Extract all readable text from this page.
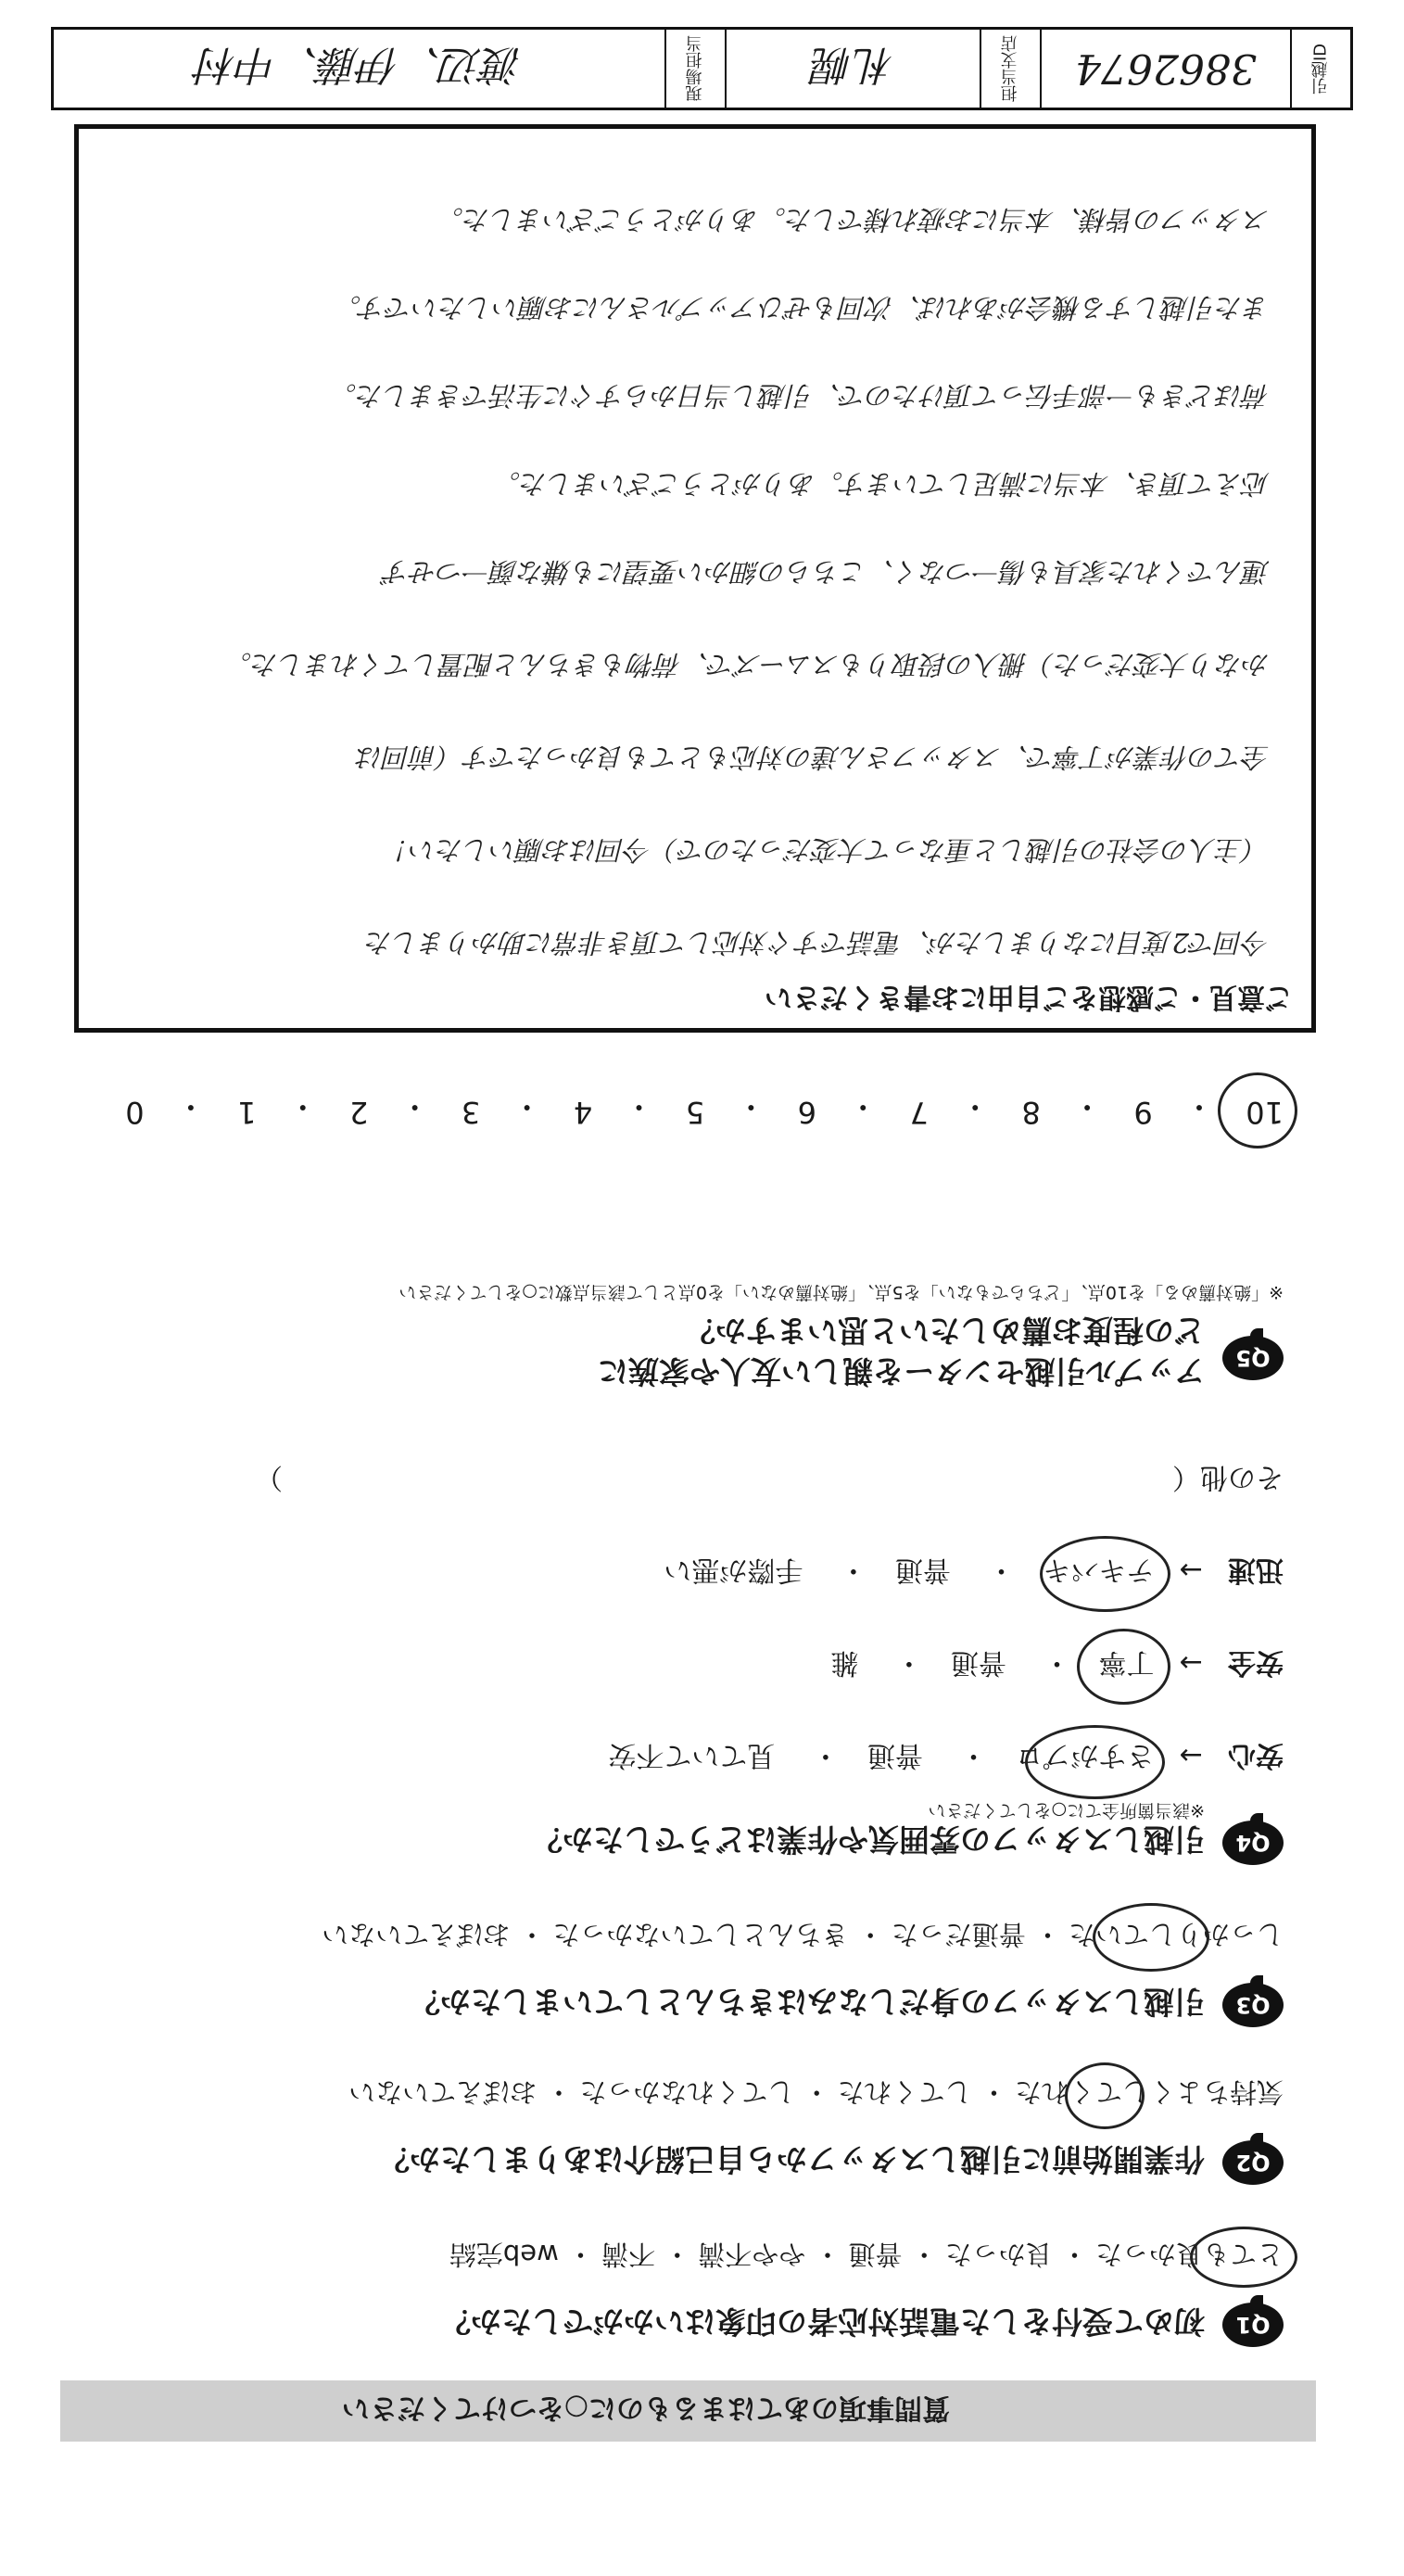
質問事項のあてはまるものに○をつけてください
Q1
初めて受付をした電話対応者の印象はいかがでしたか？
とても良かった・ 良かった・ 普通・ やや不満・ 不満・ web完結
Q2
作業開始前に引越しスタッフから自己紹介はありましたか？
気持ちよくしてくれた・ してくれた・ してくれなかった・ おぼえていない
Q3
引越しスタッフの身だしなみはきちんとしていましたか？
しっかりしていた・ 普通だった・ きちんとしていなかった・ おぼえていない
Q4
引越しスタッフの雰囲気や作業はどうでしたか？
※該当箇所全てに○をしてください
安心→ さすがプロ　・　 普通　・　 見ていて不安
安全→ 丁寧　・　 普通　・　 雑
迅速→ テキパキ　・　 普通　・　 手際が悪い
その他（　　　　　　　　　　　　　　　　　　　　　　　　　　　　　　　　）
Q5
アップル引越センターを親しい友人や家族に
どの程度お薦めしたいと思いますか？
※「絶対薦める」を10点、「どちらでもない」を5点、「絶対薦めない」を0点として該当点数に○をしてください
10
・
9
・
8
・
7
・
6
・
5
・
4
・
3
・
2
・
1
・
0
ご意見・ご感想をご自由にお書きください
今回で2度目になりましたが、電話ですぐ対応して頂き非常に助かりました
（主人の会社の引越しと重なって大変だったので）今回はお願いしたい！
全ての作業が丁寧で、スタッフさん達の対応もとても良かったです（前回は
かなり大変だった）搬入の段取りもスムーズで、荷物もきちんと配置してくれました。
運んでくれた家具も傷一つなく、こちらの細かい要望にも嫌な顔一つせず
応えて頂き、本当に満足しています。ありがとうございました。
荷ほどきも一部手伝って頂けたので、引越し当日からすぐに生活できました。
また引越しする機会があれば、次回もぜひアップルさんにお願いしたいです。
スタッフの皆様、本当にお疲れ様でした。ありがとうございました。
引越ID
3862674
担当支店
札幌
現場担当
渡辺、伊藤、中村
